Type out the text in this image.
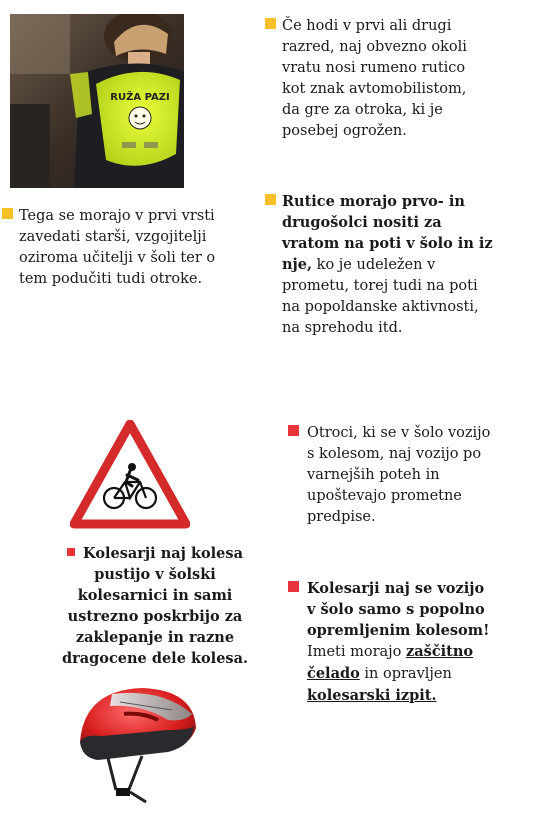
RUŽA PAZI
Če hodi v prvi ali drugi
razred, naj obvezno okoli
vratu nosi rumeno rutico
kot znak avtomobilistom,
da gre za otroka, ki je
posebej ogrožen.
Tega se morajo v prvi vrsti
zavedati starši, vzgojitelji
oziroma učitelji v šoli ter o
tem podučiti tudi otroke.
Rutice morajo prvo- in
drugošolci nositi za
vratom na poti v šolo in iz
nje, ko je udeležen v
prometu, torej tudi na poti
na popoldanske aktivnosti,
na sprehodu itd.
Otroci, ki se v šolo vozijo
s kolesom, naj vozijo po
varnejših poteh in
upoštevajo prometne
predpise.
Kolesarji naj kolesa
pustijo v šolski
kolesarnici in sami
ustrezno poskrbijo za
zaklepanje in razne
dragocene dele kolesa.
Kolesarji naj se vozijo
v šolo samo s popolno
opremljenim kolesom!
Imeti morajo zaščitno
čelado in opravljen
kolesarski izpit.
